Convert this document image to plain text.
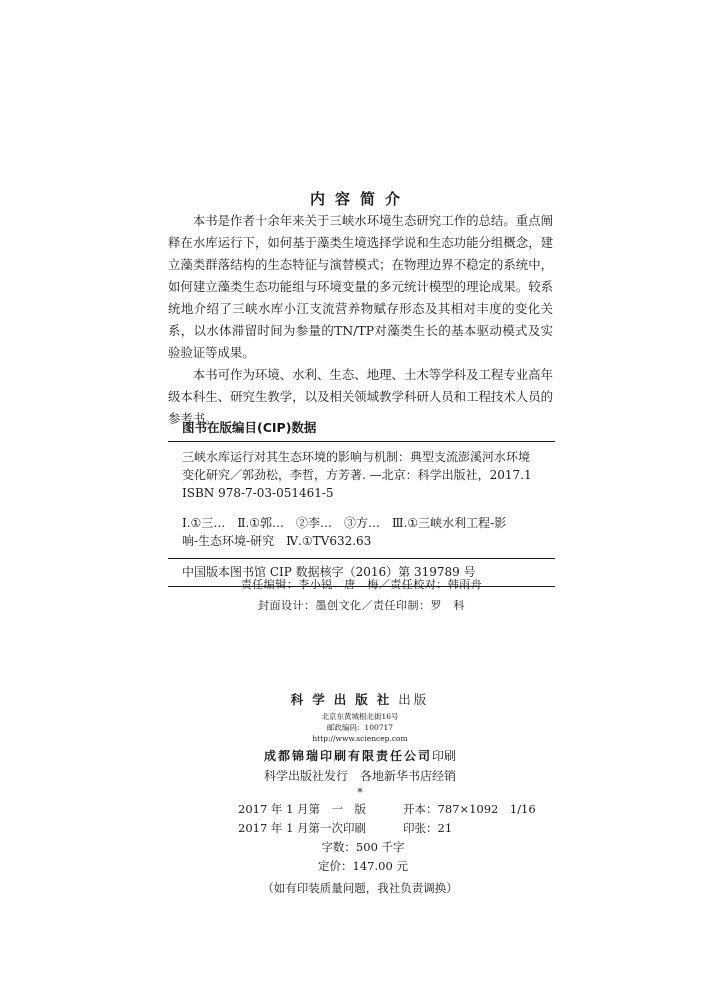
内容简介

本书是作者十余年来关于三峡水环境生态研究工作的总结。重点阐释在水库运行下，如何基于藻类生境选择学说和生态功能分组概念，建立藻类群落结构的生态特征与演替模式；在物理边界不稳定的系统中，如何建立藻类生态功能组与环境变量的多元统计模型的理论成果。较系统地介绍了三峡水库小江支流营养物赋存形态及其相对丰度的变化关系，以水体滞留时间为参量的TN/TP对藻类生长的基本驱动模式及实验验证等成果。

本书可作为环境、水利、生态、地理、土木等学科及工程专业高年级本科生、研究生教学，以及相关领域教学科研人员和工程技术人员的参考书。

图书在版编目(CIP)数据
三峡水库运行对其生态环境的影响与机制：典型支流澎溪河水环境
变化研究／郭劲松，李哲，方芳著. —北京：科学出版社，2017.1
ISBN 978-7-03-051461-5
Ⅰ.①三…　Ⅱ.①郭…　②李…　③方…　Ⅲ.①三峡水利工程-影
响-生态环境-研究　Ⅳ.①TV632.63
中国版本图书馆 CIP 数据核字（2016）第 319789 号
责任编辑：李小锐　唐　梅／责任校对：韩雨舟
封面设计：墨创文化／责任印制：罗　科
科学出版社出版
北京东黄城根北街16号
邮政编码：100717
http://www.sciencep.com
成都锦瑞印刷有限责任公司印刷
科学出版社发行　各地新华书店经销
*
2017 年 1 月第　一　版	开本：787×1092　1/16
2017 年 1 月第一次印刷	印张：21
字数：500 千字
定价：147.00 元
（如有印装质量问题，我社负责调换）
